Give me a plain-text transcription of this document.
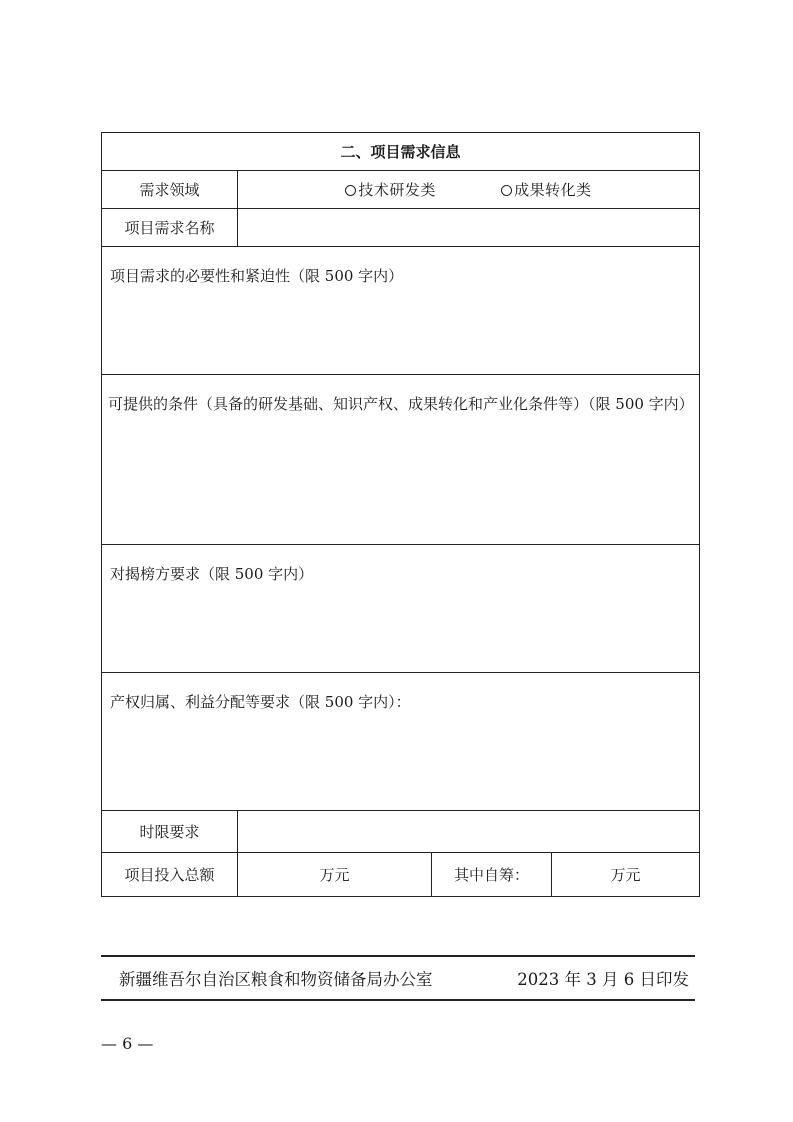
二、项目需求信息			
需求领域	技术研发类 成果转化类		
项目需求名称			
项目需求的必要性和紧迫性（限 500 字内）			
可提供的条件（具备的研发基础、知识产权、成果转化和产业化条件等）（限 500 字内）			
对揭榜方要求（限 500 字内）			
产权归属、利益分配等要求（限 500 字内）：			
时限要求			
项目投入总额	万元	其中自筹：	万元
新疆维吾尔自治区粮食和物资储备局办公室	2023 年 3 月 6 日印发
— 6 —
